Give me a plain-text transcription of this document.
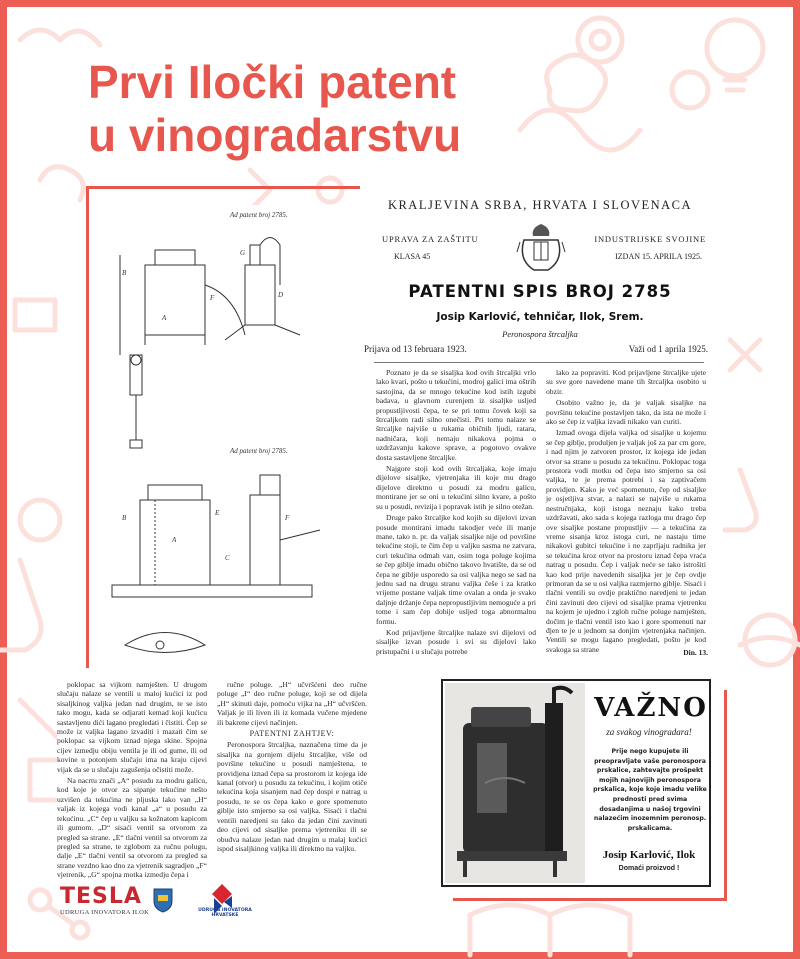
Prvi Iločki patent
u vinogradarstvu
Ad patent broj 2785.
B
F
A
D
G
Ad patent broj 2785.
A
B
E
F
C
KRALJEVINA SRBA, HRVATA I SLOVENACA
UPRAVA ZA ZAŠTITU	INDUSTRIJSKE SVOJINE
KLASA 45	IZDAN 15. APRILA 1925.
PATENTNI SPIS BROJ 2785
Josip Karlović, tehničar, Ilok, Srem.
Peronospora štrcaljka
Prijava od 13 februara 1923.	Važi od 1 aprila 1925.

Poznato je da se sisaljka kod ovih štrcaljki vrlo lako kvari, pošto u tekućini, modroj galici ima oštrih sastojina, da se mnogo tekućine kod istih izgubi badava, u glavnom curenjem iz sisaljke usljed propustljivosti čepa, te se pri tomu čovek koji sa štrcaljkom radi silno onečisti. Pri tomu nalaze se štrcaljke najviše u rukama običnih ljudi, ratara, nadničara, koji nemaju nikakova pojma o uzdržavanju kakove sprave, a pogotovo ovakve dosta sastavljene štrcaljke.

Najgore stoji kod ovih štrcaljaka, koje imaju dijelove sisaljke, vjetrenjaka ili koje mu drago dijelove direktno u posudi za modru galicu, montirane jer se oni u tekućini silno kvare, a pošto su u posudi, revizija i popravak istih je silno otežan.

Druge pako štrcaljke kod kojih su dijelovi izvan posude montirani imadu takodjer veće ili manje mane, tako n. pr. da valjak sisaljke nije od površine tekućine stoji, te čim čep u valjku sasma ne zatvara, curi tekućina odmah van, osim toga poluge kojima se čep giblje imadu obično takovo hvatište, da se od čepa ne giblje usporedo sa osi valjka nego se sad na jednu sad na drugu stranu valjka češe i za kratko vrijeme postane valjak time ovalan a onda je svako daljnje držanje čepa nepropustljivim nemoguće a pri tome i sam čep dobije usljed toga abnormalnu formu.

Kod prijavljene štrcaljke nalaze svi dijelovi od sisaljke izvan posude i svi su dijelovi lako pristupačni i u slučaju potrebe

lako za popraviti. Kod prijavljene štrcaljke ujete su sve gore navedene mane tih štrcaljka osobito u obzir.

Osobito važno je, da je valjak sisaljke na površinu tekućine postavljen tako, da ista ne može i ako se čep iz valjka izvadi nikako van curiti.

Izmađ ovoga dijela valjka od sisaljke u kojemu se čep giblje, produljen je valjak još za par cm gore, i nad njim je zatvoren prostor, iz kojega ide jedan otvor sa strane u posudu za tekućinu. Poklopac toga prostora vodi motku od čepa isto smjerno sa osi valjka, te je prema potrebi i sa zaptivačem providjen. Kako je već spomenuto, čep od sisaljke je osjetljiva stvar, a nalazi se najviše u rukama nestručnjaka, koji istoga neznaju kako treba uzdržavati, ako sada s kojega razloga mu drago čep ove sisaljke postane propustljiv — a tekućina za vreme sisanja kroz istoga curi, ne nastaju time nikakovi gubitci tekućine i ne zaprljaju radnika jer se tekućina kroz otvor na prostoru iznad čepa vraća natrag u posudu. Čep i valjak neće se tako istrošiti kao kod prije navedenih sisaljka jer je čep ovdje primoran da se u osi valjka razmjerno giblje. Sisaći i tlačni ventili su ovdje praktično naredjeni te jedan čini zavinuti deo cijevi od sisaljke prama vjetrenku na kojem je ujedno i zgloh ručne poluge namješten, dočim je tlačni ventil isto kao i gore spomenuti nar đjen te je u jednom sa donjim vjetrenjaka načinjen. Ventili se mogu lagano pregledati, pošto je kod svakoga sa strane	Din. 13.

poklopac sa vijkom namješten. U drugom slučaju nalaze se ventili u maloj kućici iz pod sisaljkinog valjka jedan nad drugim, te se isto tako mogu, kada se odjarati kemad koji kućicu sastavljenu dići lagano pregledati i čistiti. Čep se može iz valjka lagano izvaditi i mazati čim se poklopac sa vijkom iznad njega skine. Spojna cijev izmedju obiju ventila je ili od gume, ili od kovine u potonjem slučaju ima na kraju cijevi vijak da se u slučaju zagušenja očistiti može.

Na nacrtu znači „A“ posudu za modru galicu, kod koje je otvor za sipanje tekućine nešto uzvišen da tekućina ne pljuska lako van „H“ valjak iz kojega vodi kanal „a“ u posudu za tekućinu. „C“ čep u valjku sa kožnatom kapicom ili gumom. „D“ sisaći ventil sa otvorom za pregled sa strane. „E“ tlačni ventil sa otvorom za pregled sa strane, te zglobom za ručnu polugu, dalje „E“ tlačni ventil sa otvorom za pregled sa strane vezdno kao dno za vjetrenik sagradjen „F“ vjetrenik, „G“ spojna motka izmedju čepa i

ručne poluge. „H“ učvršćeni deo ručne poluge „I“ deo ručne poluge, koji se od dijela „H“ skinuti daje, pomoću vijka na „H“ učvršćen. Valjak je ili liven ili iz komada vučene mjedene ili bakrene cijevi načinjen.

PATENTNI ZAHTJEV:

Peronospora štrcaljka, naznačena time da je sisaljka na gornjem dijelu štrcaljke, više od površine tekućine u posudi namještena, te providjena iznad čepa sa prostorom iz kojega ide kanal (otvor) u posudu za tekućinu, i kojim otiče tekućina koja sisanjem nad čep dospi e natrag u posudu, te se os čepa kako e gore spomenuto giblje isto smjerno sa osi valjka. Sisaći i tlačni ventili naredjeni su tako da jedan čini zavinuti deo cijevi od sisaljke prema vjetreniku ili se obuđva nalaze jedan nad drugim u malaj kućici ispod sisaljkinog valjka ili direktno na valjku.

VAŽNO
za svakog vinogradara!
Prije nego kupujete ili preopravljate vaše peronospora prskalice, zahtevajte prošpekt mojih najnovijih peronospora prskalica, koje koje imadu velike prednosti pred svima dosadanjima u našoj trgovini nalazećim inozemnim peronosp. prskalicama.
Josip Karlović, Ilok
Domaći proizvod !
TESLA
UDRUGA INOVATORA ILOK	UDRUGA INOVATORA HRVATSKE
